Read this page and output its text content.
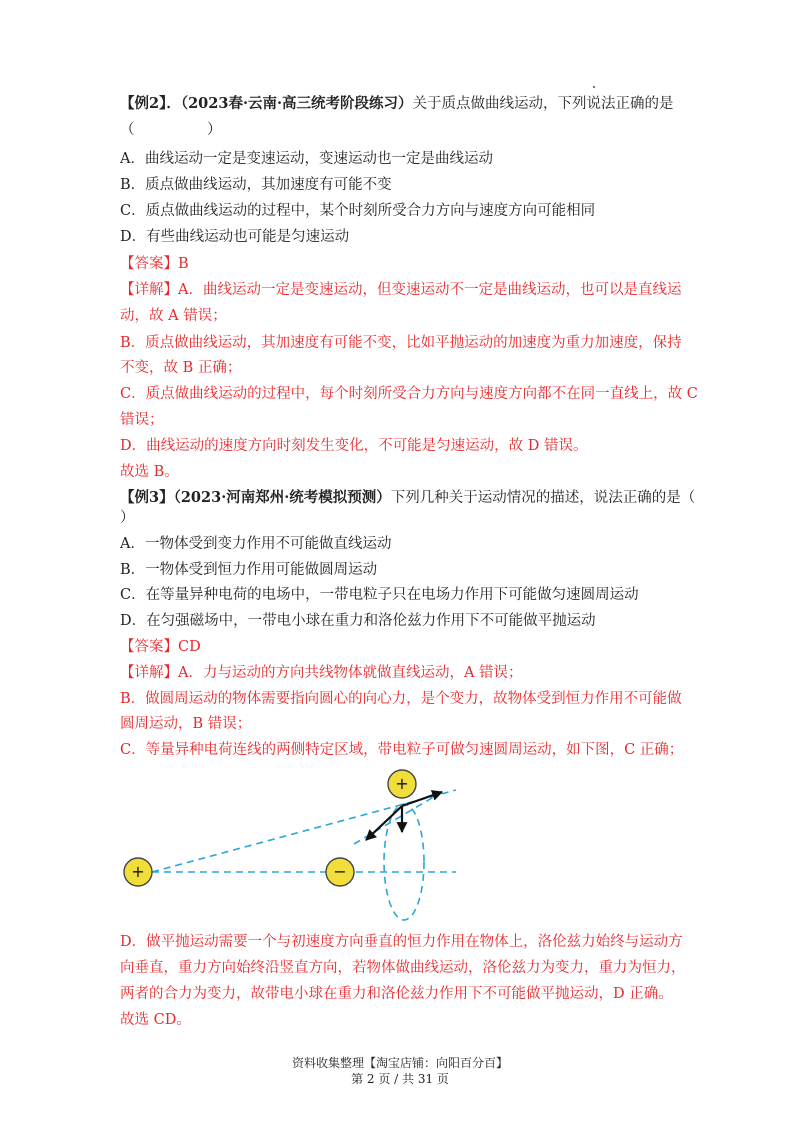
【例2】．（2023春·云南·高三统考阶段练习）关于质点做曲线运动，下列说法正确的是
（　　　　　）
A．曲线运动一定是变速运动，变速运动也一定是曲线运动
B．质点做曲线运动，其加速度有可能不变
C．质点做曲线运动的过程中，某个时刻所受合力方向与速度方向可能相同
D．有些曲线运动也可能是匀速运动
【答案】B
【详解】A．曲线运动一定是变速运动，但变速运动不一定是曲线运动，也可以是直线运
动，故 A 错误；
B．质点做曲线运动，其加速度有可能不变，比如平抛运动的加速度为重力加速度，保持
不变，故 B 正确；
C．质点做曲线运动的过程中，每个时刻所受合力方向与速度方向都不在同一直线上，故 C
错误；
D．曲线运动的速度方向时刻发生变化，不可能是匀速运动，故 D 错误。
故选 B。
【例3】（2023·河南郑州·统考模拟预测）下列几种关于运动情况的描述，说法正确的是（
）
A．一物体受到变力作用不可能做直线运动
B．一物体受到恒力作用可能做圆周运动
C．在等量异种电荷的电场中，一带电粒子只在电场力作用下可能做匀速圆周运动
D．在匀强磁场中，一带电小球在重力和洛伦兹力作用下不可能做平抛运动
【答案】CD
【详解】A．力与运动的方向共线物体就做直线运动，A 错误；
B．做圆周运动的物体需要指向圆心的向心力，是个变力，故物体受到恒力作用不可能做
圆周运动，B 错误；
C．等量异种电荷连线的两侧特定区域，带电粒子可做匀速圆周运动，如下图，C 正确；
+	−
+
D．做平抛运动需要一个与初速度方向垂直的恒力作用在物体上，洛伦兹力始终与运动方
向垂直，重力方向始终沿竖直方向，若物体做曲线运动，洛伦兹力为变力，重力为恒力，
两者的合力为变力，故带电小球在重力和洛伦兹力作用下不可能做平抛运动，D 正确。
故选 CD。
资料收集整理【淘宝店铺：向阳百分百】
第 2 页 / 共 31 页
